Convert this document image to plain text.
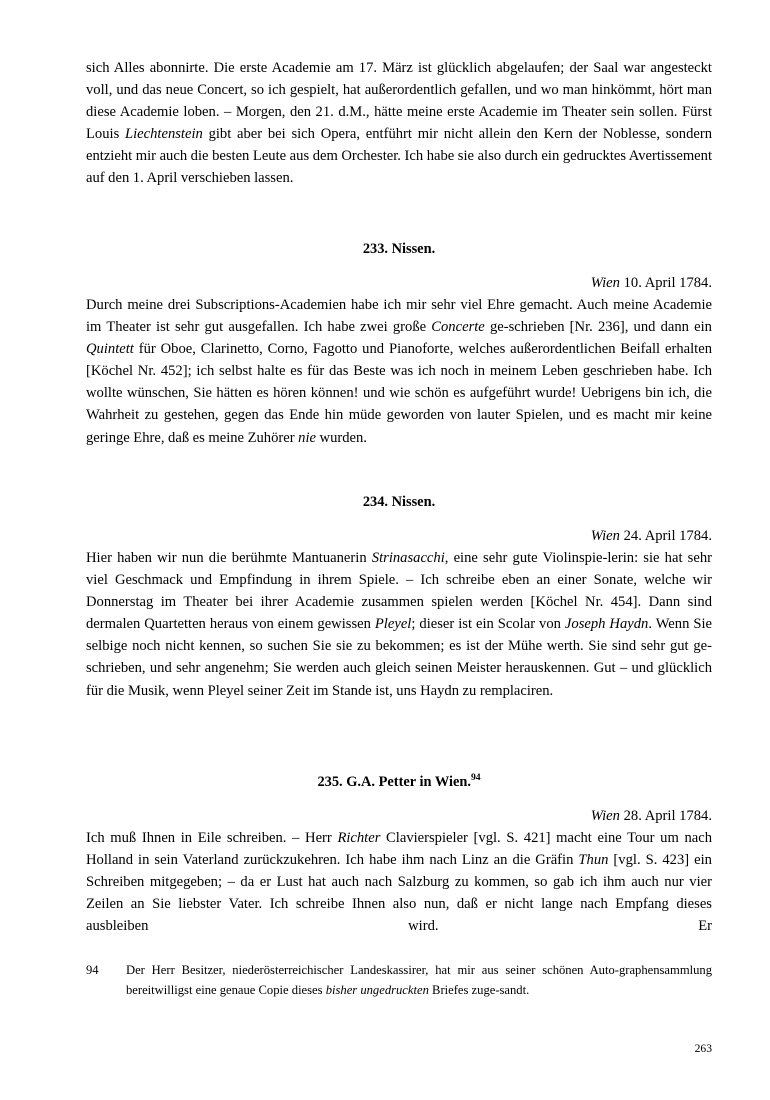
sich Alles abonnirte. Die erste Academie am 17. März ist glücklich abgelaufen; der Saal war angesteckt voll, und das neue Concert, so ich gespielt, hat außerordentlich gefallen, und wo man hinkömmt, hört man diese Academie loben. – Morgen, den 21. d.M., hätte meine erste Academie im Theater sein sollen. Fürst Louis Liechtenstein gibt aber bei sich Opera, entführt mir nicht allein den Kern der Noblesse, sondern entzieht mir auch die besten Leute aus dem Orchester. Ich habe sie also durch ein gedrucktes Avertissement auf den 1. April verschieben lassen.

233. Nissen.
Wien 10. April 1784.

Durch meine drei Subscriptions-Academien habe ich mir sehr viel Ehre gemacht. Auch meine Academie im Theater ist sehr gut ausgefallen. Ich habe zwei große Concerte ge-schrieben [Nr. 236], und dann ein Quintett für Oboe, Clarinetto, Corno, Fagotto und Pianoforte, welches außerordentlichen Beifall erhalten [Köchel Nr. 452]; ich selbst halte es für das Beste was ich noch in meinem Leben geschrieben habe. Ich wollte wünschen, Sie hätten es hören können! und wie schön es aufgeführt wurde! Uebrigens bin ich, die Wahrheit zu gestehen, gegen das Ende hin müde geworden von lauter Spielen, und es macht mir keine geringe Ehre, daß es meine Zuhörer nie wurden.

234. Nissen.
Wien 24. April 1784.

Hier haben wir nun die berühmte Mantuanerin Strinasacchi, eine sehr gute Violinspie-lerin: sie hat sehr viel Geschmack und Empfindung in ihrem Spiele. – Ich schreibe eben an einer Sonate, welche wir Donnerstag im Theater bei ihrer Academie zusammen spielen werden [Köchel Nr. 454]. Dann sind dermalen Quartetten heraus von einem gewissen Pleyel; dieser ist ein Scolar von Joseph Haydn. Wenn Sie selbige noch nicht kennen, so suchen Sie sie zu bekommen; es ist der Mühe werth. Sie sind sehr gut ge-schrieben, und sehr angenehm; Sie werden auch gleich seinen Meister herauskennen. Gut – und glücklich für die Musik, wenn Pleyel seiner Zeit im Stande ist, uns Haydn zu remplaciren.

235. G.A. Petter in Wien.$^{94}$
Wien 28. April 1784.

Ich muß Ihnen in Eile schreiben. – Herr Richter Clavierspieler [vgl. S. 421] macht eine Tour um nach Holland in sein Vaterland zurückzukehren. Ich habe ihm nach Linz an die Gräfin Thun [vgl. S. 423] ein Schreiben mitgegeben; – da er Lust hat auch nach Salzburg zu kommen, so gab ich ihm auch nur vier Zeilen an Sie liebster Vater. Ich schreibe Ihnen also nun, daß er nicht lange nach Empfang dieses ausbleiben wird. Er

94	Der Herr Besitzer, niederösterreichischer Landeskassirer, hat mir aus seiner schönen Auto-graphensammlung bereitwilligst eine genaue Copie dieses bisher ungedruckten Briefes zuge-sandt.
263
